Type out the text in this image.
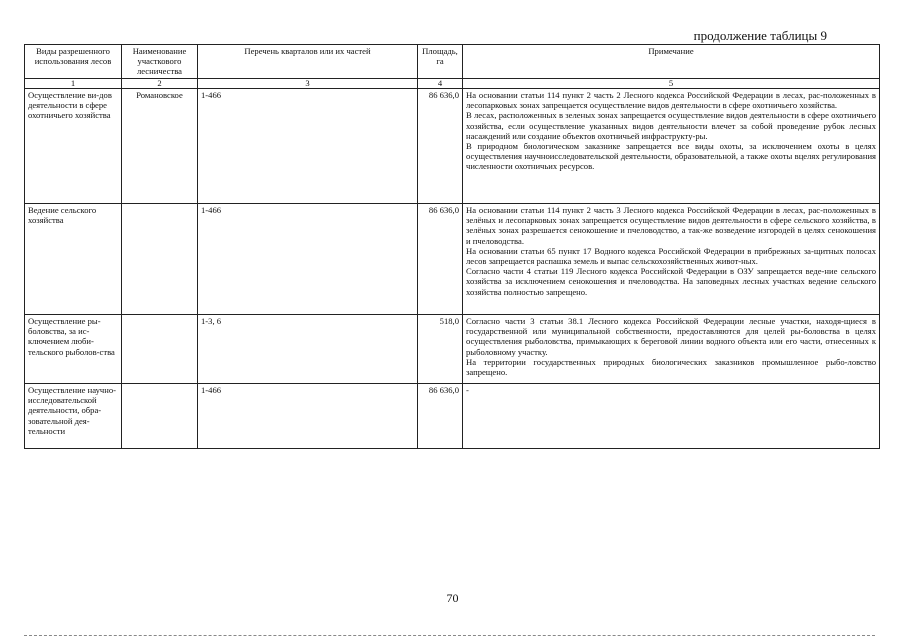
продолжение таблицы 9
Виды разрешенного использования лесов	Наименование участкового лесничества	Перечень кварталов или их частей	Площадь, га	Примечание
1	2	3	4	5
Осуществление ви-дов деятельности в сфере охотничьего хозяйства	Романовское	1-466	86 636,0	На основании статьи 114 пункт 2 часть 2 Лесного кодекса Российской Федерации в лесах, рас-положенных в лесопарковых зонах запрещается осуществление видов деятельности в сфере охотничьего хозяйства.

В лесах, расположенных в зеленых зонах запрещается осуществление видов деятельности в сфере охотничьего хозяйства, если осуществление указанных видов деятельности влечет за собой проведение рубок лесных насаждений или создание объектов охотничьей инфраструкту-ры.

В природном биологическом заказнике запрещается все виды охоты, за исключением охоты в целях осуществления научноисследовательской деятельности, образовательной, а также охоты вцелях регулирования численности охотничьих ресурсов.

Ведение сельского хозяйства		1-466	86 636,0	На основании статьи 114 пункт 2 часть 3 Лесного кодекса Российской Федерации в лесах, рас-положенных в зелёных и лесопарковых зонах запрещается осуществление видов деятельности в сфере сельского хозяйства, в зелёных зонах разрешается сенокошение и пчеловодство, а так-же возведение изгородей в целях сенокошения и пчеловодства.

На основании статьи 65 пункт 17 Водного кодекса Российской Федерации в прибрежных за-щитных полосах лесов запрещается распашка земель и выпас сельскохозяйственных живот-ных.

Согласно части 4 статьи 119 Лесного кодекса Российской Федерации в ОЗУ запрещается веде-ние сельского хозяйства за исключением сенокошения и пчеловодства. На заповедных лесных участках ведение сельского хозяйства полностью запрещено.

Осуществление ры-боловства, за ис-ключением люби-тельского рыболов-ства		1-3, 6	518,0	Согласно части 3 статьи 38.1 Лесного кодекса Российской Федерации лесные участки, находя-щиеся в государственной или муниципальной собственности, предоставляются для целей ры-боловства в целях осуществления рыболовства, примыкающих к береговой линии водного объекта или его части, отнесенных к рыболовному участку.

На территории государственных природных биологических заказников промышленное рыбо-ловство запрещено.

Осуществление научно-исследовательской деятельности, обра-зовательной дея-тельности		1-466	86 636,0	-

70
